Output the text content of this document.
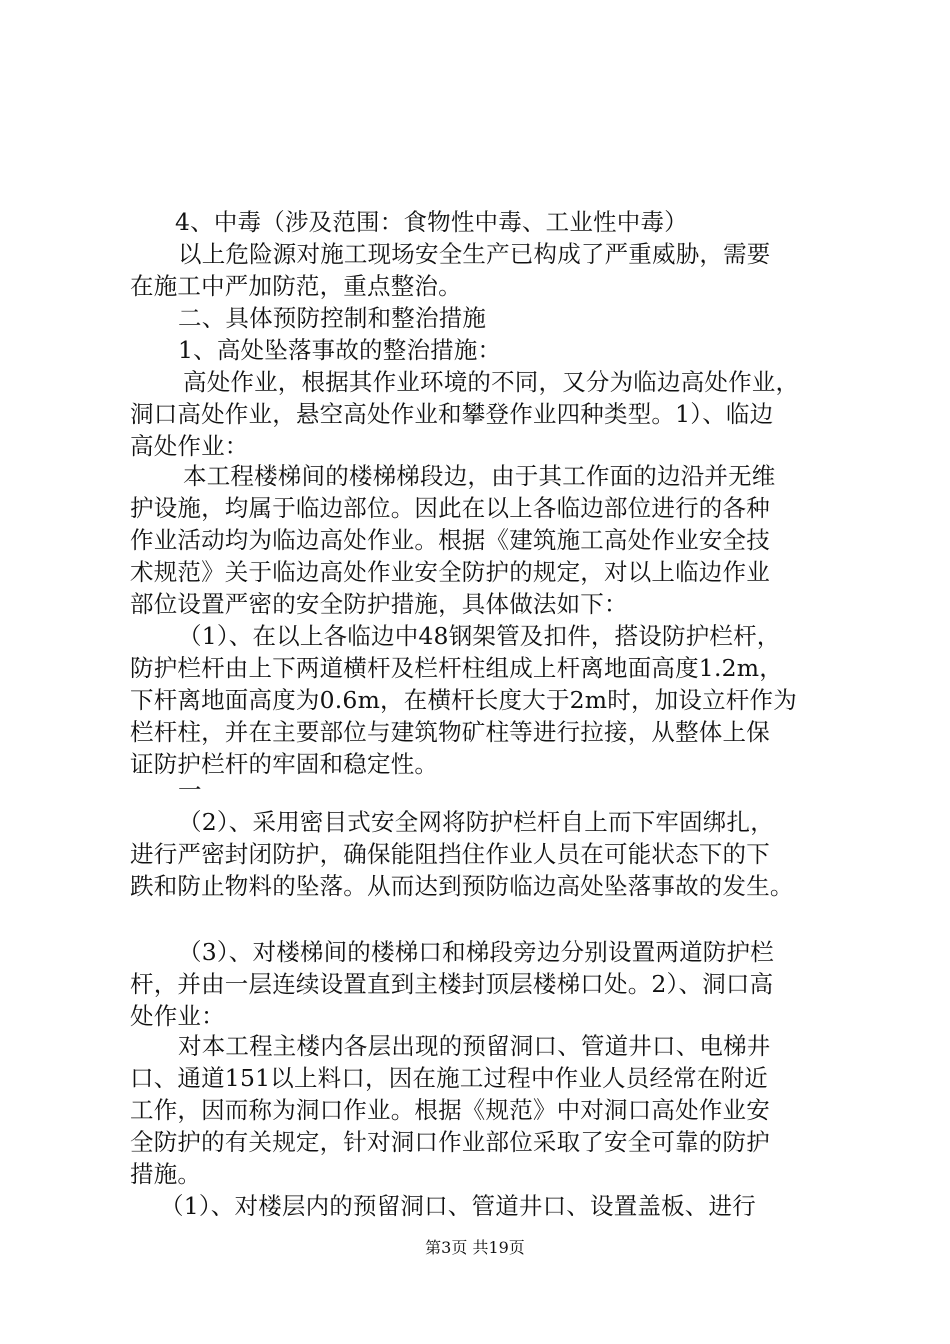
4、中毒（涉及范围：食物性中毒、工业性中毒）
以上危险源对施工现场安全生产已构成了严重威胁，需要
在施工中严加防范，重点整治。
二、具体预防控制和整治措施
1、高处坠落事故的整治措施：
高处作业，根据其作业环境的不同，又分为临边高处作业，
洞口高处作业，悬空高处作业和攀登作业四种类型。1）、临边
高处作业：
本工程楼梯间的楼梯梯段边，由于其工作面的边沿并无维
护设施，均属于临边部位。因此在以上各临边部位进行的各种
作业活动均为临边高处作业。根据《建筑施工高处作业安全技
术规范》关于临边高处作业安全防护的规定，对以上临边作业
部位设置严密的安全防护措施，具体做法如下：
（1）、在以上各临边中48钢架管及扣件，搭设防护栏杆，
防护栏杆由上下两道横杆及栏杆柱组成上杆离地面高度1.2m，
下杆离地面高度为0.6m，在横杆长度大于2m时，加设立杆作为
栏杆柱，并在主要部位与建筑物矿柱等进行拉接，从整体上保
证防护栏杆的牢固和稳定性。
一
（2）、采用密目式安全网将防护栏杆自上而下牢固绑扎，
进行严密封闭防护，确保能阻挡住作业人员在可能状态下的下
跌和防止物料的坠落。从而达到预防临边高处坠落事故的发生。
（3）、对楼梯间的楼梯口和梯段旁边分别设置两道防护栏
杆，并由一层连续设置直到主楼封顶层楼梯口处。2）、洞口高
处作业：
对本工程主楼内各层出现的预留洞口、管道井口、电梯井
口、通道151以上料口，因在施工过程中作业人员经常在附近
工作，因而称为洞口作业。根据《规范》中对洞口高处作业安
全防护的有关规定，针对洞口作业部位采取了安全可靠的防护
措施。
（1）、对楼层内的预留洞口、管道井口、设置盖板、进行
第3页 共19页
